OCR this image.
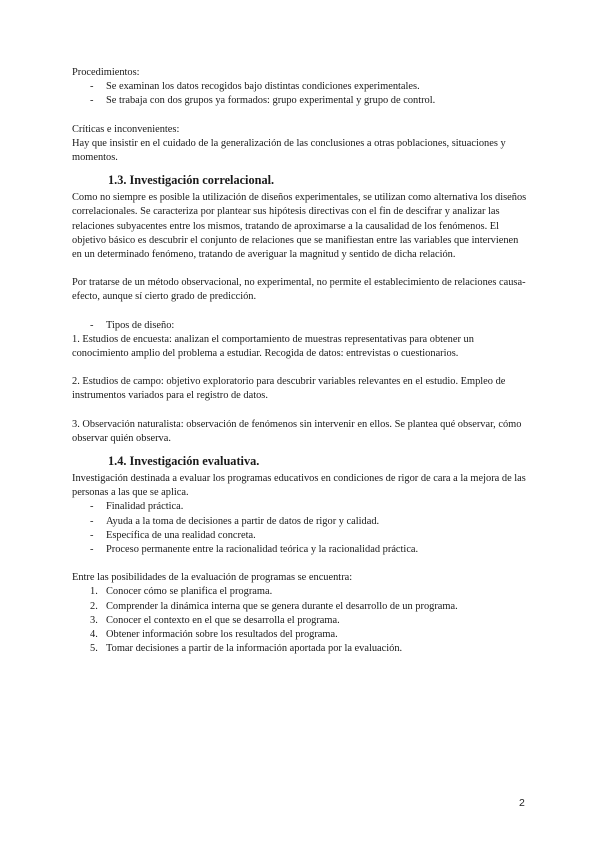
Procedimientos:

- Se examinan los datos recogidos bajo distintas condiciones experimentales.
- Se trabaja con dos grupos ya formados: grupo experimental y grupo de control.

Críticas e inconvenientes:

Hay que insistir en el cuidado de la generalización de las conclusiones a otras poblaciones, situaciones y momentos.

1.3. Investigación correlacional.

Como no siempre es posible la utilización de diseños experimentales, se utilizan como alternativa los diseños correlacionales. Se caracteriza por plantear sus hipótesis directivas con el fin de descifrar y analizar las relaciones subyacentes entre los mismos, tratando de aproximarse a la causalidad de los fenómenos. El objetivo básico es descubrir el conjunto de relaciones que se manifiestan entre las variables que intervienen en un determinado fenómeno, tratando de averiguar la magnitud y sentido de dicha relación.

Por tratarse de un método observacional, no experimental, no permite el establecimiento de relaciones causa-efecto, aunque sí cierto grado de predicción.

- Tipos de diseño:

1. Estudios de encuesta: analizan el comportamiento de muestras representativas para obtener un conocimiento amplio del problema a estudiar. Recogida de datos: entrevistas o cuestionarios.

2. Estudios de campo: objetivo exploratorio para descubrir variables relevantes en el estudio. Empleo de instrumentos variados para el registro de datos.

3. Observación naturalista: observación de fenómenos sin intervenir en ellos. Se plantea qué observar, cómo observar quién observa.

1.4. Investigación evaluativa.

Investigación destinada a evaluar los programas educativos en condiciones de rigor de cara a la mejora de las personas a las que se aplica.

- Finalidad práctica.
- Ayuda a la toma de decisiones a partir de datos de rigor y calidad.
- Específica de una realidad concreta.
- Proceso permanente entre la racionalidad teórica y la racionalidad práctica.

Entre las posibilidades de la evaluación de programas se encuentra:

1. Conocer cómo se planifica el programa.
2. Comprender la dinámica interna que se genera durante el desarrollo de un programa.
3. Conocer el contexto en el que se desarrolla el programa.
4. Obtener información sobre los resultados del programa.
5. Tomar decisiones a partir de la información aportada por la evaluación.
2
